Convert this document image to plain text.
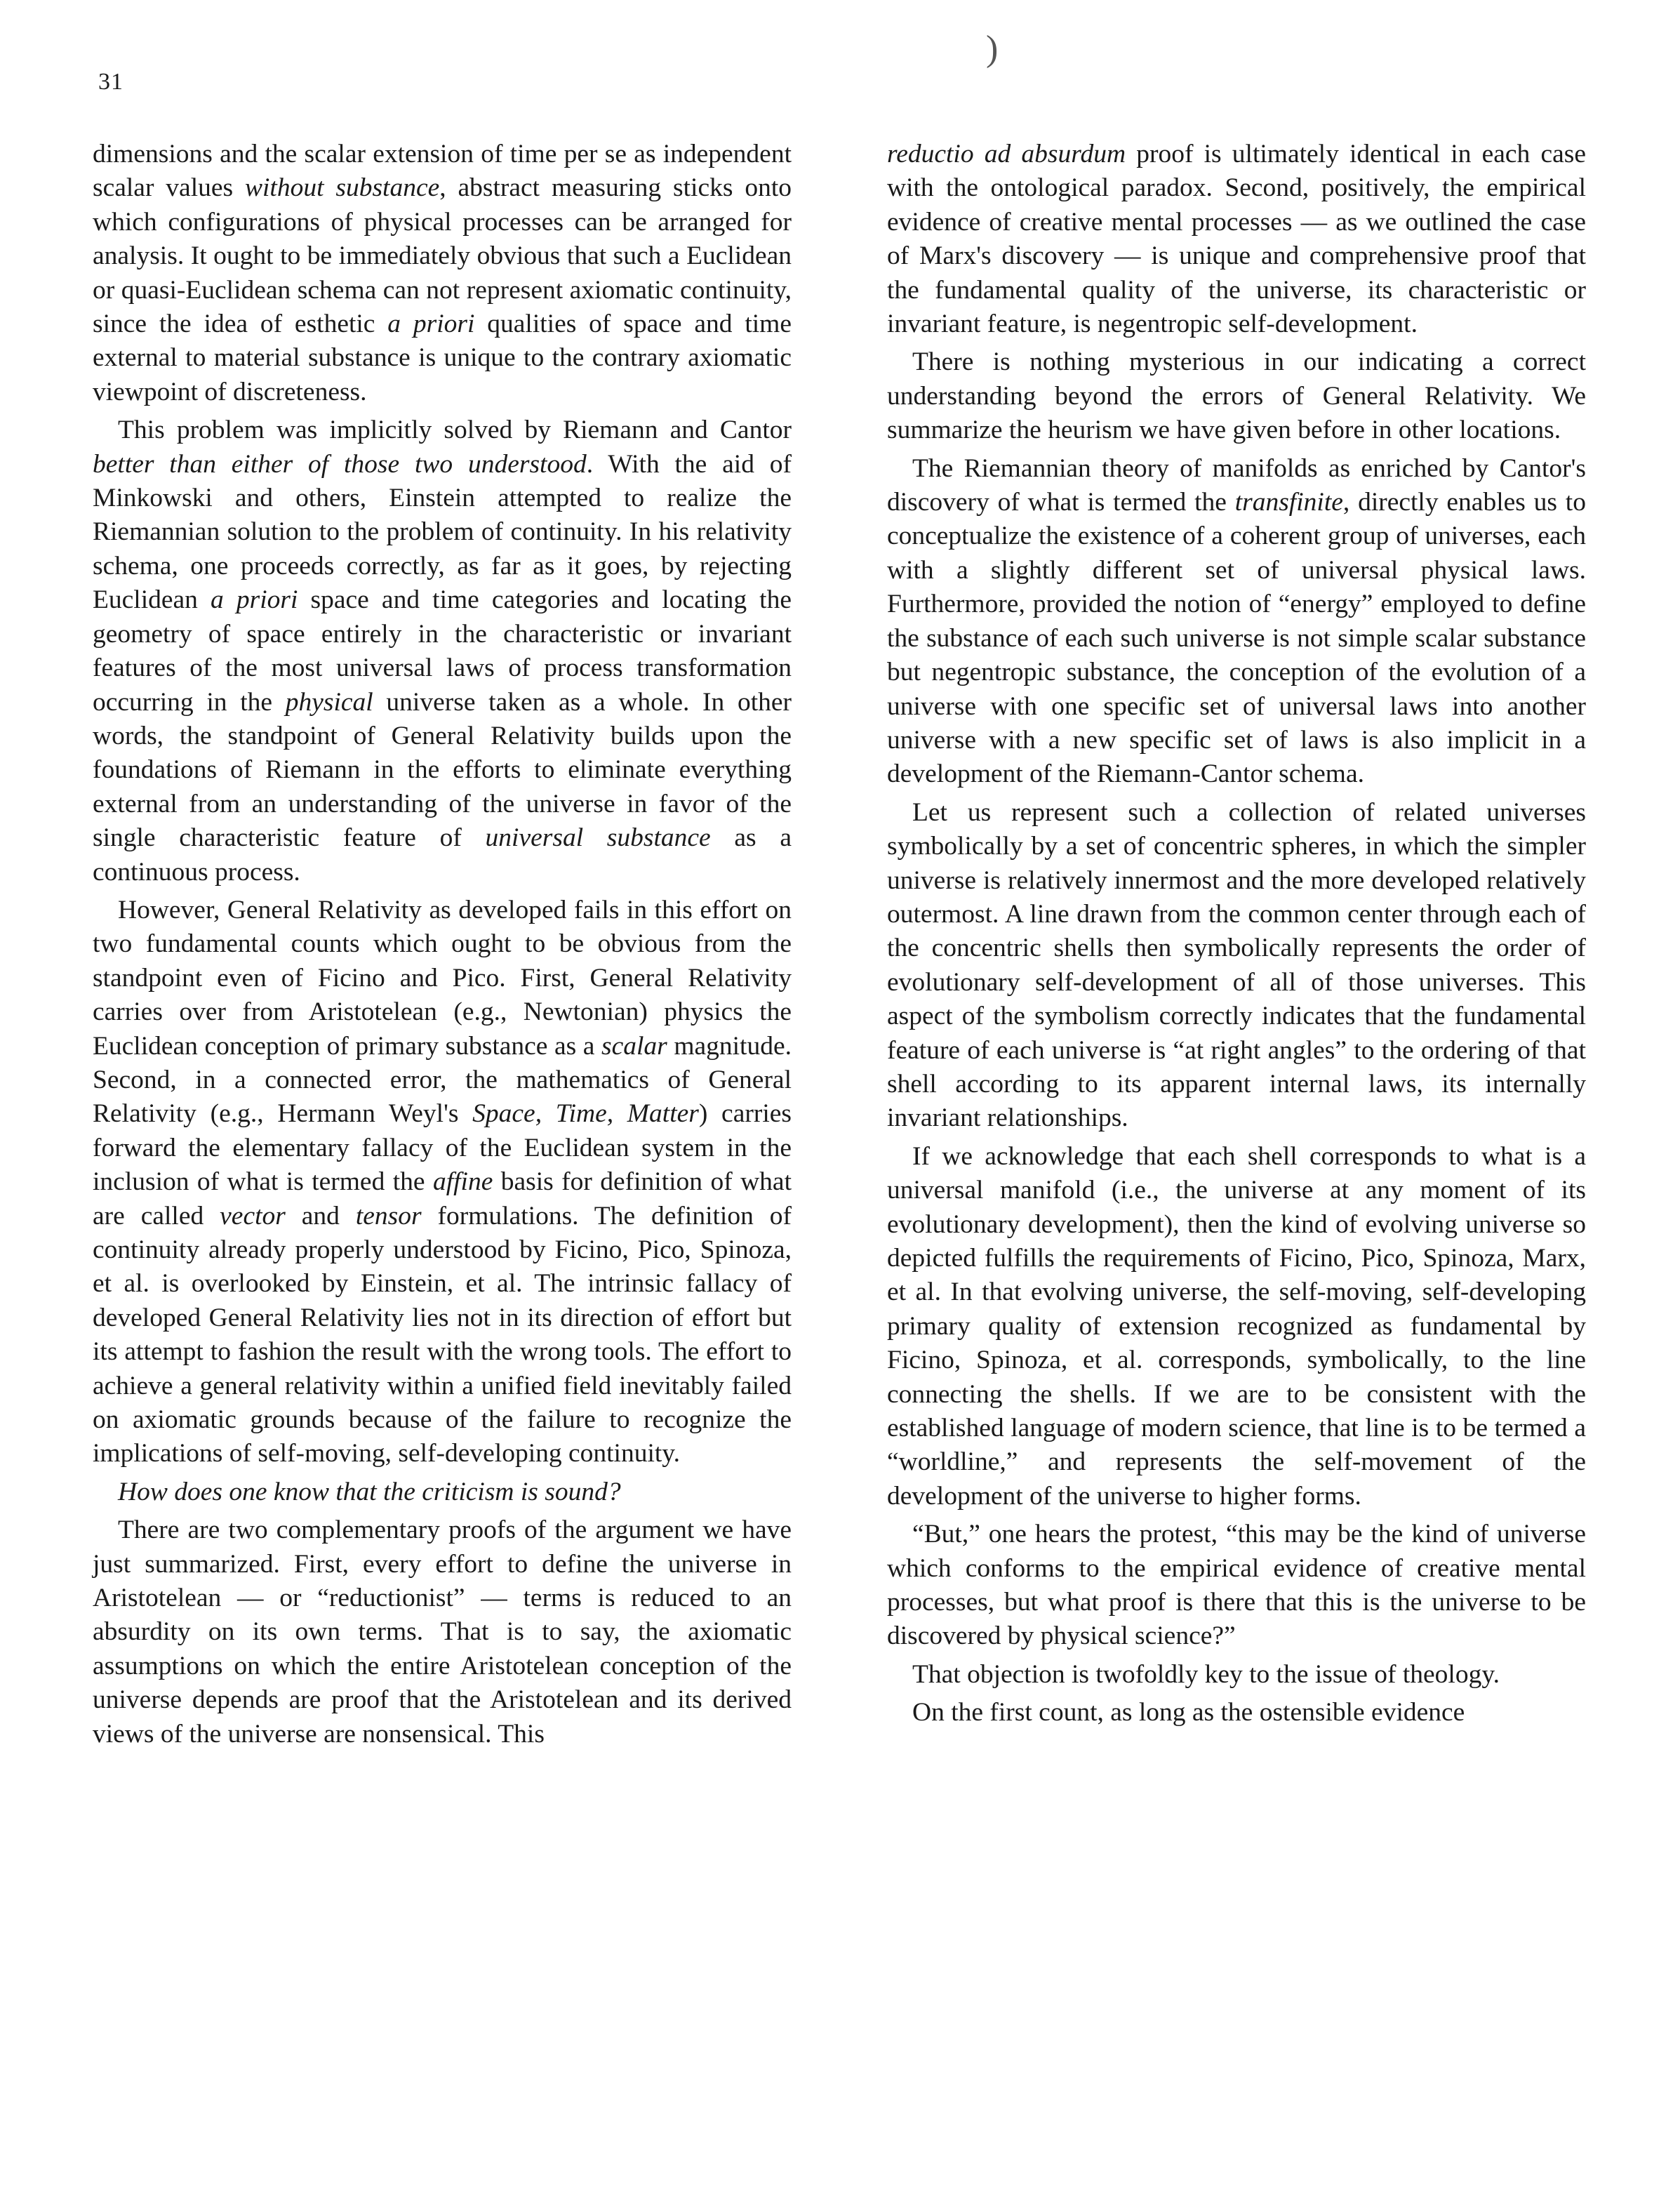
31
)

dimensions and the scalar extension of time per se as independent scalar values without substance, abstract measuring sticks onto which configurations of physical processes can be arranged for analysis. It ought to be immediately obvious that such a Euclidean or quasi-Euclidean schema can not represent axiomatic continuity, since the idea of esthetic a priori qualities of space and time external to material substance is unique to the contrary axiomatic viewpoint of discreteness.

This problem was implicitly solved by Riemann and Cantor better than either of those two understood. With the aid of Minkowski and others, Einstein attempted to realize the Riemannian solution to the problem of continuity. In his relativity schema, one proceeds correctly, as far as it goes, by rejecting Euclidean a priori space and time categories and locating the geometry of space entirely in the characteristic or invariant features of the most universal laws of process transformation occurring in the physical universe taken as a whole. In other words, the standpoint of General Relativity builds upon the foundations of Riemann in the efforts to eliminate everything external from an understanding of the universe in favor of the single characteristic feature of universal substance as a continuous process.

However, General Relativity as developed fails in this effort on two fundamental counts which ought to be obvious from the standpoint even of Ficino and Pico. First, General Relativity carries over from Aristotelean (e.g., Newtonian) physics the Euclidean conception of primary substance as a scalar magnitude. Second, in a connected error, the mathematics of General Relativity (e.g., Hermann Weyl's Space, Time, Matter) carries forward the elementary fallacy of the Euclidean system in the inclusion of what is termed the affine basis for definition of what are called vector and tensor formulations. The definition of continuity already properly understood by Ficino, Pico, Spinoza, et al. is overlooked by Einstein, et al. The intrinsic fallacy of developed General Relativity lies not in its direction of effort but its attempt to fashion the result with the wrong tools. The effort to achieve a general relativity within a unified field inevitably failed on axiomatic grounds because of the failure to recognize the implications of self-moving, self-developing continuity.

How does one know that the criticism is sound?

There are two complementary proofs of the argument we have just summarized. First, every effort to define the universe in Aristotelean — or “reductionist” — terms is reduced to an absurdity on its own terms. That is to say, the axiomatic assumptions on which the entire Aristotelean conception of the universe depends are proof that the Aristotelean and its derived views of the universe are nonsensical. This

reductio ad absurdum proof is ultimately identical in each case with the ontological paradox. Second, positively, the empirical evidence of creative mental processes — as we outlined the case of Marx's discovery — is unique and comprehensive proof that the fundamental quality of the universe, its characteristic or invariant feature, is negentropic self-development.

There is nothing mysterious in our indicating a correct understanding beyond the errors of General Relativity. We summarize the heurism we have given before in other locations.

The Riemannian theory of manifolds as enriched by Cantor's discovery of what is termed the transfinite, directly enables us to conceptualize the existence of a coherent group of universes, each with a slightly different set of universal physical laws. Furthermore, provided the notion of “energy” employed to define the substance of each such universe is not simple scalar substance but negentropic substance, the conception of the evolution of a universe with one specific set of universal laws into another universe with a new specific set of laws is also implicit in a development of the Riemann-Cantor schema.

Let us represent such a collection of related universes symbolically by a set of concentric spheres, in which the simpler universe is relatively innermost and the more developed relatively outermost. A line drawn from the common center through each of the concentric shells then symbolically represents the order of evolutionary self-development of all of those universes. This aspect of the symbolism correctly indicates that the fundamental feature of each universe is “at right angles” to the ordering of that shell according to its apparent internal laws, its internally invariant relationships.

If we acknowledge that each shell corresponds to what is a universal manifold (i.e., the universe at any moment of its evolutionary development), then the kind of evolving universe so depicted fulfills the requirements of Ficino, Pico, Spinoza, Marx, et al. In that evolving universe, the self-moving, self-developing primary quality of extension recognized as fundamental by Ficino, Spinoza, et al. corresponds, symbolically, to the line connecting the shells. If we are to be consistent with the established language of modern science, that line is to be termed a “worldline,” and represents the self-movement of the development of the universe to higher forms.

“But,” one hears the protest, “this may be the kind of universe which conforms to the empirical evidence of creative mental processes, but what proof is there that this is the universe to be discovered by physical science?”

That objection is twofoldly key to the issue of theology.

On the first count, as long as the ostensible evidence
